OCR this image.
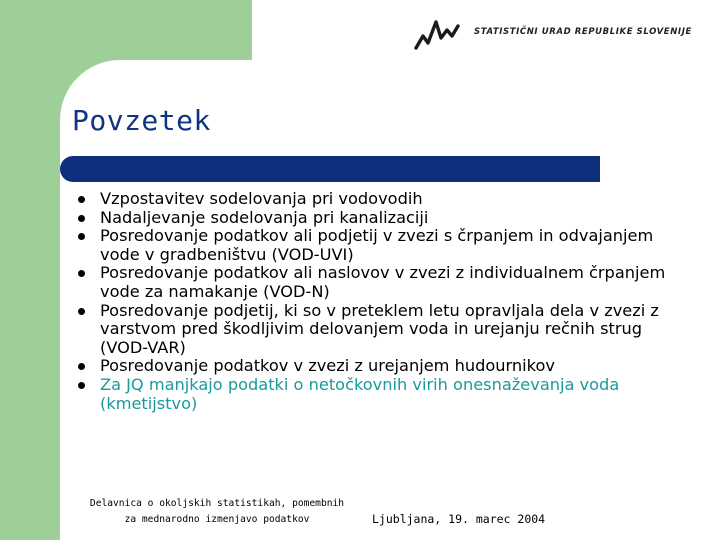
STATISTIČNI URAD REPUBLIKE SLOVENIJE
Povzetek
Vzpostavitev sodelovanja pri vodovodih
Nadaljevanje sodelovanja pri kanalizaciji
Posredovanje podatkov ali podjetij v zvezi s črpanjem in odvajanjem vode v gradbeništvu (VOD-UVI)
Posredovanje podatkov ali naslovov v zvezi z individualnem črpanjem vode za namakanje (VOD-N)
Posredovanje podjetij, ki so v preteklem letu opravljala dela v zvezi z varstvom pred škodljivim delovanjem voda in urejanju rečnih strug (VOD-VAR)
Posredovanje podatkov v zvezi z urejanjem hudournikov
Za JQ manjkajo podatki o netočkovnih virih onesnaževanja voda (kmetijstvo)
Delavnica o okoljskih statistikah, pomembnih
za mednarodno izmenjavo podatkov	Ljubljana, 19. marec 2004
